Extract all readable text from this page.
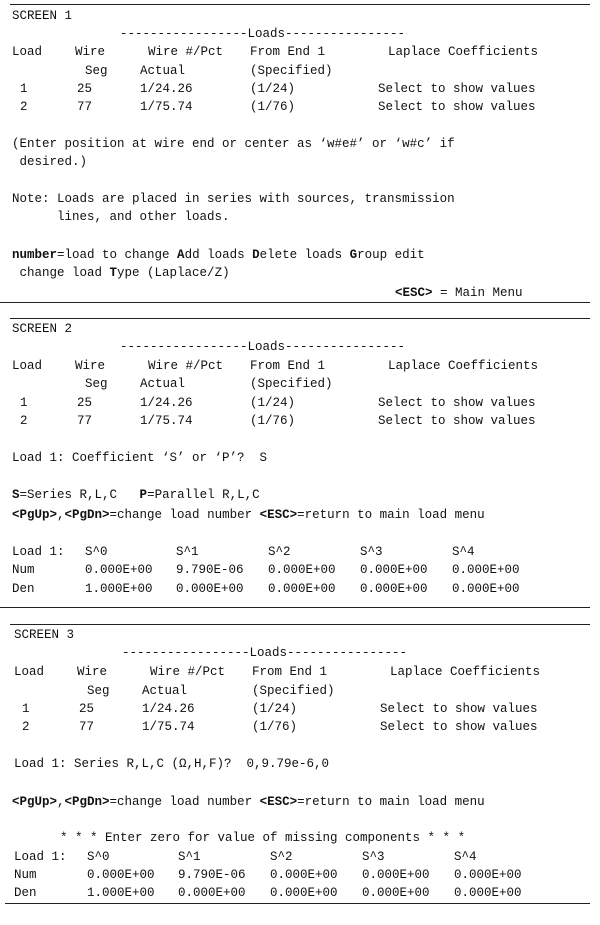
SCREEN 1
-----------------Loads----------------
Load	Wire	Wire #/Pct From End 1	Laplace Coefficients
Seg	Actual	(Specified)
1	25	1/24.26	(1/24)	Select to show values
2	77	1/75.74	(1/76)	Select to show values
(Enter position at wire end or center as ‘w#e#’ or ‘w#c’ if
desired.)
Note: Loads are placed in series with sources, transmission
lines, and other loads.
number=load to change Add loads Delete loads Group edit
change load Type (Laplace/Z)
<ESC> = Main Menu
SCREEN 2
-----------------Loads----------------
Load	Wire	Wire #/Pct From End 1	Laplace Coefficients
Seg	Actual	(Specified)
1	25	1/24.26	(1/24)	Select to show values
2	77	1/75.74	(1/76)	Select to show values
Load 1: Coefficient ‘S’ or ‘P’?  S
S=Series R,L,C   P=Parallel R,L,C
<PgUp>,<PgDn>=change load number <ESC>=return to main load menu
Load 1: S^0	S^1	S^2	S^3	S^4
Num	0.000E+00 9.790E-06 0.000E+00 0.000E+00 0.000E+00
Den	1.000E+00 0.000E+00 0.000E+00 0.000E+00 0.000E+00
SCREEN 3
-----------------Loads----------------
Load	Wire	Wire #/Pct From End 1	Laplace Coefficients
Seg	Actual	(Specified)
1	25	1/24.26	(1/24)	Select to show values
2	77	1/75.74	(1/76)	Select to show values
Load 1: Series R,L,C (Ω,H,F)?  0,9.79e-6,0
<PgUp>,<PgDn>=change load number <ESC>=return to main load menu
* * * Enter zero for value of missing components * * *
Load 1: S^0	S^1	S^2	S^3	S^4
Num	0.000E+00 9.790E-06 0.000E+00 0.000E+00 0.000E+00
Den	1.000E+00 0.000E+00 0.000E+00 0.000E+00 0.000E+00
